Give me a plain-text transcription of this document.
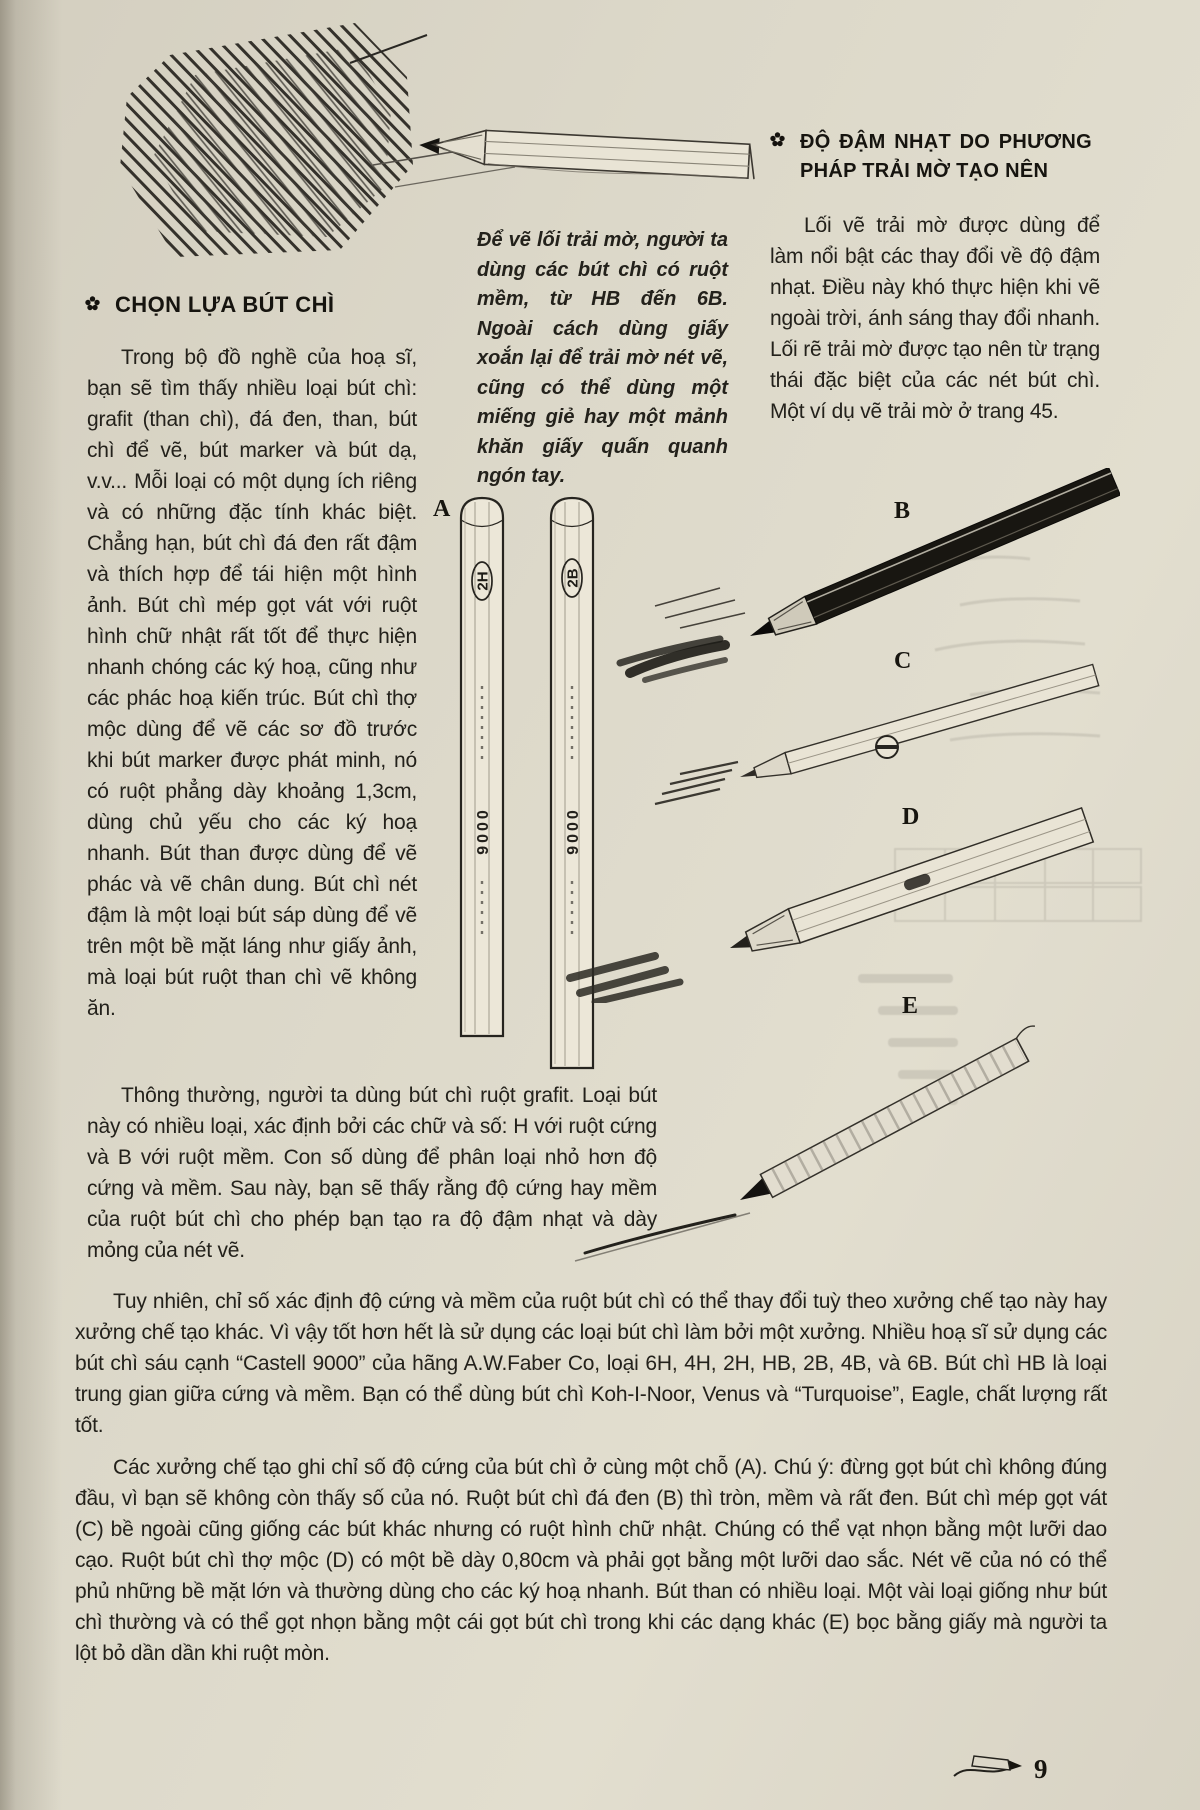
ĐỘ ĐẬM NHẠT DO PHƯƠNG PHÁP TRẢI MỜ TẠO NÊN
Lối vẽ trải mờ được dùng để làm nổi bật các thay đổi về độ đậm nhạt. Điều này khó thực hiện khi vẽ ngoài trời, ánh sáng thay đổi nhanh. Lối rẽ trải mờ được tạo nên từ trạng thái đặc biệt của các nét bút chì. Một ví dụ vẽ trải mờ ở trang 45.
Để vẽ lối trải mờ, người ta dùng các bút chì có ruột mềm, từ HB đến 6B. Ngoài cách dùng giấy xoắn lại để trải mờ nét vẽ, cũng có thể dùng một miếng giẻ hay một mảnh khăn giấy quấn quanh ngón tay.
CHỌN LỰA BÚT CHÌ
Trong bộ đồ nghề của hoạ sĩ, bạn sẽ tìm thấy nhiều loại bút chì: grafit (than chì), đá đen, than, bút chì để vẽ, bút marker và bút dạ, v.v... Mỗi loại có một dụng ích riêng và có những đặc tính khác biệt. Chẳng hạn, bút chì đá đen rất đậm và thích hợp để tái hiện một hình ảnh. Bút chì mép gọt vát với ruột hình chữ nhật rất tốt để thực hiện nhanh chóng các ký hoạ, cũng như các phác hoạ kiến trúc. Bút chì thợ mộc dùng để vẽ các sơ đồ trước khi bút marker được phát minh, nó có ruột phẳng dày khoảng 1,3cm, dùng chủ yếu cho các ký hoạ nhanh. Bút than được dùng để vẽ phác và vẽ chân dung. Bút chì nét đậm là một loại bút sáp dùng để vẽ trên một bề mặt láng như giấy ảnh, mà loại bút ruột than chì vẽ không ăn.
A
2H
9000
2B
9000
B
C
D
E
Thông thường, người ta dùng bút chì ruột grafit. Loại bút này có nhiều loại, xác định bởi các chữ và số: H với ruột cứng và B với ruột mềm. Con số dùng để phân loại nhỏ hơn độ cứng và mềm. Sau này, bạn sẽ thấy rằng độ cứng hay mềm của ruột bút chì cho phép bạn tạo ra độ đậm nhạt và dày mỏng của nét vẽ.
Tuy nhiên, chỉ số xác định độ cứng và mềm của ruột bút chì có thể thay đổi tuỳ theo xưởng chế tạo này hay xưởng chế tạo khác. Vì vậy tốt hơn hết là sử dụng các loại bút chì làm bởi một xưởng. Nhiều hoạ sĩ sử dụng các bút chì sáu cạnh “Castell 9000” của hãng A.W.Faber Co, loại 6H, 4H, 2H, HB, 2B, 4B, và 6B. Bút chì HB là loại trung gian giữa cứng và mềm. Bạn có thể dùng bút chì Koh-I-Noor, Venus và “Turquoise”, Eagle, chất lượng rất tốt.
Các xưởng chế tạo ghi chỉ số độ cứng của bút chì ở cùng một chỗ (A). Chú ý: đừng gọt bút chì không đúng đầu, vì bạn sẽ không còn thấy số của nó. Ruột bút chì đá đen (B) thì tròn, mềm và rất đen. Bút chì mép gọt vát (C) bề ngoài cũng giống các bút khác nhưng có ruột hình chữ nhật. Chúng có thể vạt nhọn bằng một lưỡi dao cạo. Ruột bút chì thợ mộc (D) có một bề dày 0,80cm và phải gọt bằng một lưỡi dao sắc. Nét vẽ của nó có thể phủ những bề mặt lớn và thường dùng cho các ký hoạ nhanh. Bút than có nhiều loại. Một vài loại giống như bút chì thường và có thể gọt nhọn bằng một cái gọt bút chì trong khi các dạng khác (E) bọc bằng giấy mà người ta lột bỏ dần dần khi ruột mòn.
9
